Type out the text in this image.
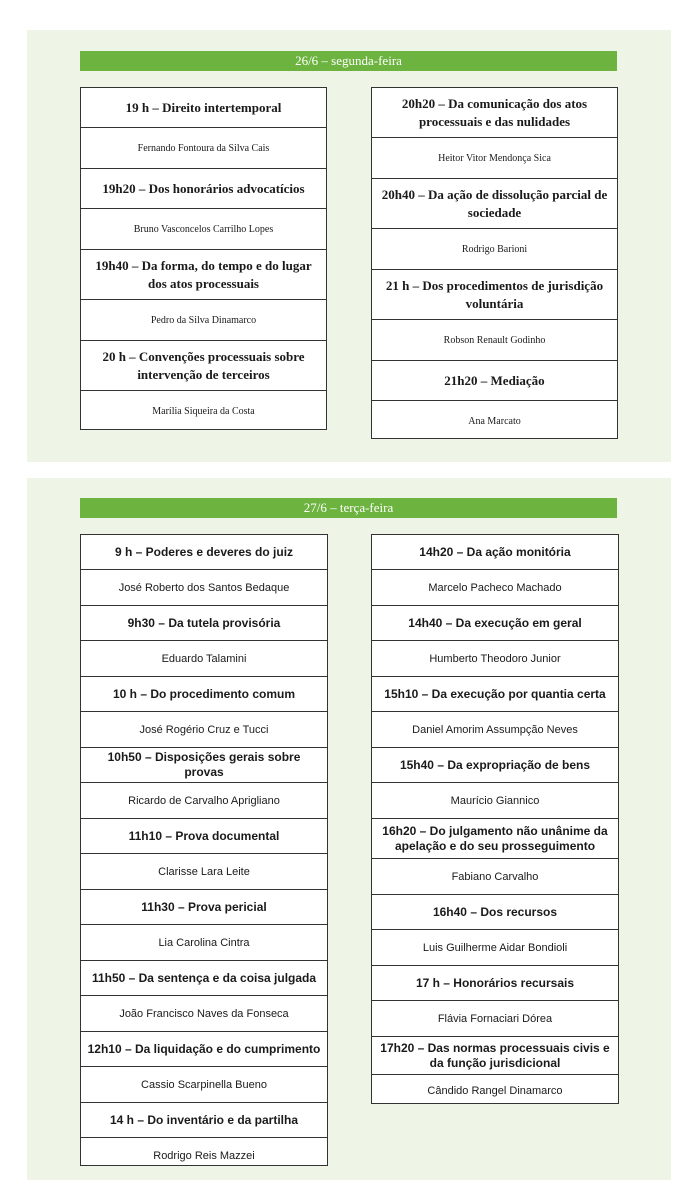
26/6 – segunda-feira
19 h – Direito intertemporal
Fernando Fontoura da Silva Cais
19h20 – Dos honorários advocatícios
Bruno Vasconcelos Carrilho Lopes
19h40 – Da forma, do tempo e do lugar dos atos processuais
Pedro da Silva Dinamarco
20 h – Convenções processuais sobre intervenção de terceiros
Marília Siqueira da Costa
20h20 – Da comunicação dos atos processuais e das nulidades
Heitor Vitor Mendonça Sica
20h40 – Da ação de dissolução parcial de sociedade
Rodrigo Barioni
21 h – Dos procedimentos de jurisdição voluntária
Robson Renault Godinho
21h20 – Mediação
Ana Marcato
27/6 – terça-feira
9 h – Poderes e deveres do juiz
José Roberto dos Santos Bedaque
9h30 – Da tutela provisória
Eduardo Talamini
10 h – Do procedimento comum
José Rogério Cruz e Tucci
10h50 – Disposições gerais sobre provas
Ricardo de Carvalho Aprigliano
11h10 – Prova documental
Clarisse Lara Leite
11h30 – Prova pericial
Lia Carolina Cintra
11h50 – Da sentença e da coisa julgada
João Francisco Naves da Fonseca
12h10 – Da liquidação e do cumprimento
Cassio Scarpinella Bueno
14 h – Do inventário e da partilha
Rodrigo Reis Mazzei
14h20 – Da ação monitória
Marcelo Pacheco Machado
14h40 – Da execução em geral
Humberto Theodoro Junior
15h10 – Da execução por quantia certa
Daniel Amorim Assumpção Neves
15h40 – Da expropriação de bens
Maurício Giannico
16h20 – Do julgamento não unânime da apelação e do seu prosseguimento
Fabiano Carvalho
16h40 – Dos recursos
Luis Guilherme Aidar Bondioli
17 h – Honorários recursais
Flávia Fornaciari Dórea
17h20 – Das normas processuais civis e da função jurisdicional
Cândido Rangel Dinamarco
